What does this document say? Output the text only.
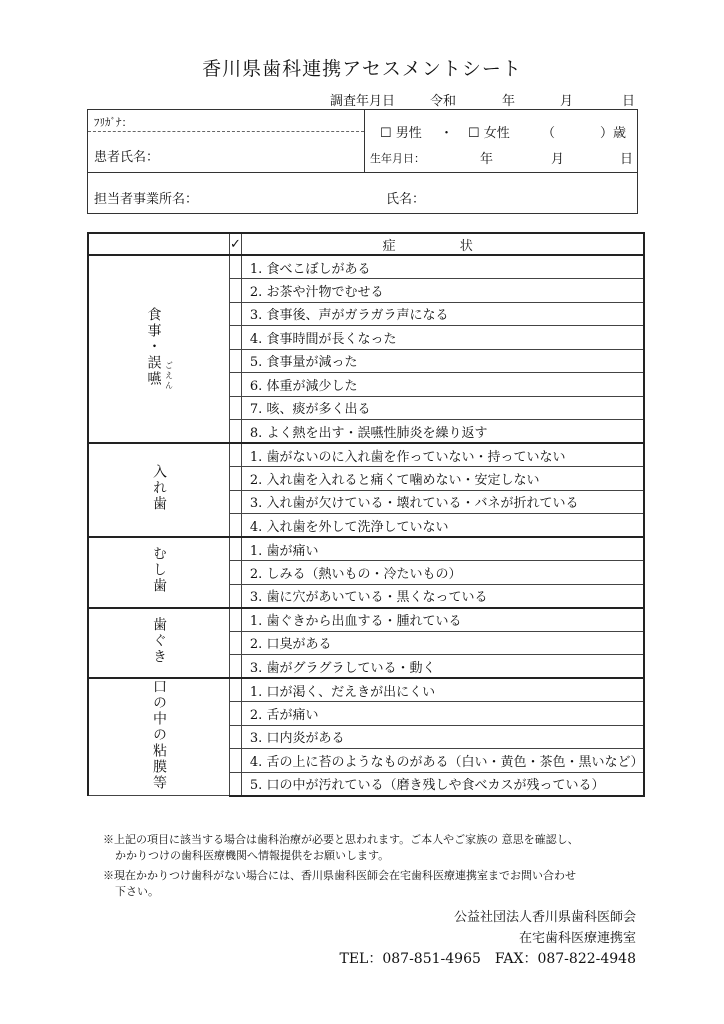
香川県歯科連携アセスメントシート
調査年月日	令和	年	月	日
ﾌﾘｶﾞﾅ：
患者氏名：
☐ 男性 ・ ☐ 女性 （	）歳
生年月日：	年	月	日
担当者事業所名：	氏名：
	✓	症 状
食事・誤嚥 ごえん		1. 食べこぼしがある
		2. お茶や汁物でむせる
		3. 食事後、声がガラガラ声になる
		4. 食事時間が長くなった
		5. 食事量が減った
		6. 体重が減少した
		7. 咳、痰が多く出る
		8. よく熱を出す・誤嚥性肺炎を繰り返す
入れ歯		1. 歯がないのに入れ歯を作っていない・持っていない
		2. 入れ歯を入れると痛くて噛めない・安定しない
		3. 入れ歯が欠けている・壊れている・バネが折れている
		4. 入れ歯を外して洗浄していない
むし歯		1. 歯が痛い
		2. しみる（熱いもの・冷たいもの）
		3. 歯に穴があいている・黒くなっている
歯ぐき		1. 歯ぐきから出血する・腫れている
		2. 口臭がある
		3. 歯がグラグラしている・動く
口の中の粘膜等		1. 口が渇く、だえきが出にくい
		2. 舌が痛い
		3. 口内炎がある
		4. 舌の上に苔のようなものがある（白い・黄色・茶色・黒いなど）
		5. 口の中が汚れている（磨き残しや食べカスが残っている）
※上記の項目に該当する場合は歯科治療が必要と思われます。ご本人やご家族の 意思を確認し、
かかりつけの歯科医療機関へ情報提供をお願いします。
※現在かかりつけ歯科がない場合には、香川県歯科医師会在宅歯科医療連携室までお問い合わせ
下さい。
公益社団法人香川県歯科医師会
在宅歯科医療連携室
TEL：087-851-4965　FAX：087-822-4948
